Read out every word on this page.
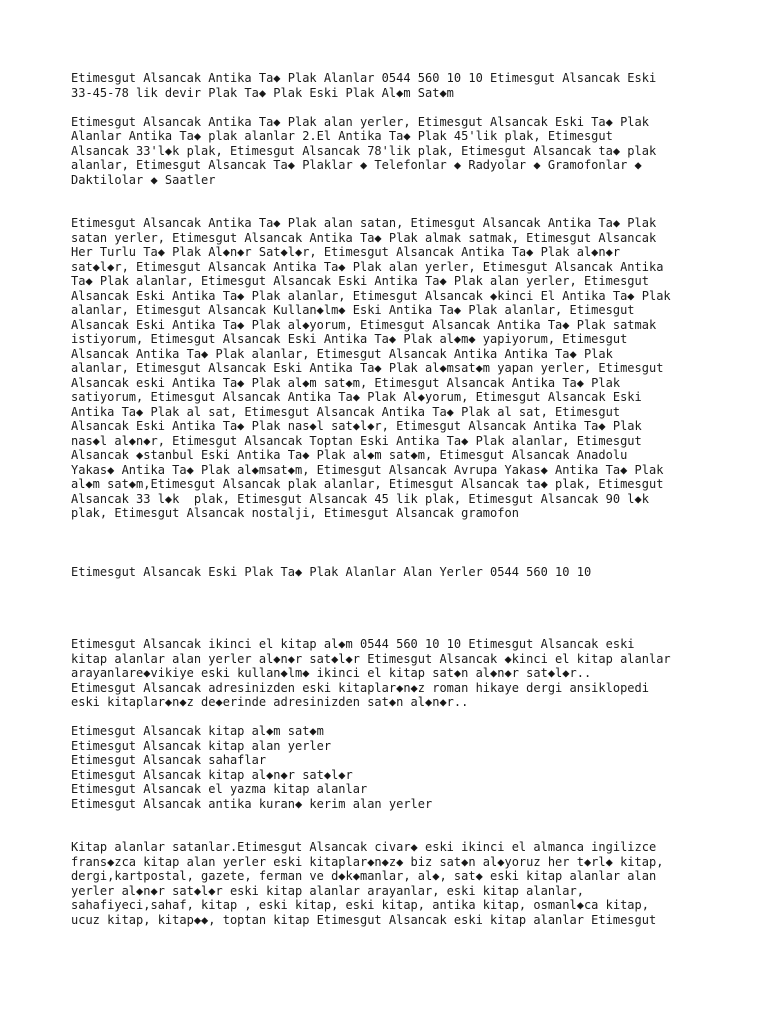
Etimesgut Alsancak Antika Ta◆ Plak Alanlar 0544 560 10 10 Etimesgut Alsancak Eski
33-45-78 lik devir Plak Ta◆ Plak Eski Plak Al◆m Sat◆m
Etimesgut Alsancak Antika Ta◆ Plak alan yerler, Etimesgut Alsancak Eski Ta◆ Plak
Alanlar Antika Ta◆ plak alanlar 2.El Antika Ta◆ Plak 45'lik plak, Etimesgut
Alsancak 33'l◆k plak, Etimesgut Alsancak 78'lik plak, Etimesgut Alsancak ta◆ plak
alanlar, Etimesgut Alsancak Ta◆ Plaklar ◆ Telefonlar ◆ Radyolar ◆ Gramofonlar ◆
Daktilolar ◆ Saatler
Etimesgut Alsancak Antika Ta◆ Plak alan satan, Etimesgut Alsancak Antika Ta◆ Plak
satan yerler, Etimesgut Alsancak Antika Ta◆ Plak almak satmak, Etimesgut Alsancak
Her Turlu Ta◆ Plak Al◆n◆r Sat◆l◆r, Etimesgut Alsancak Antika Ta◆ Plak al◆n◆r
sat◆l◆r, Etimesgut Alsancak Antika Ta◆ Plak alan yerler, Etimesgut Alsancak Antika
Ta◆ Plak alanlar, Etimesgut Alsancak Eski Antika Ta◆ Plak alan yerler, Etimesgut
Alsancak Eski Antika Ta◆ Plak alanlar, Etimesgut Alsancak ◆kinci El Antika Ta◆ Plak
alanlar, Etimesgut Alsancak Kullan◆lm◆ Eski Antika Ta◆ Plak alanlar, Etimesgut
Alsancak Eski Antika Ta◆ Plak al◆yorum, Etimesgut Alsancak Antika Ta◆ Plak satmak
istiyorum, Etimesgut Alsancak Eski Antika Ta◆ Plak al◆m◆ yapiyorum, Etimesgut
Alsancak Antika Ta◆ Plak alanlar, Etimesgut Alsancak Antika Antika Ta◆ Plak
alanlar, Etimesgut Alsancak Eski Antika Ta◆ Plak al◆msat◆m yapan yerler, Etimesgut
Alsancak eski Antika Ta◆ Plak al◆m sat◆m, Etimesgut Alsancak Antika Ta◆ Plak
satiyorum, Etimesgut Alsancak Antika Ta◆ Plak Al◆yorum, Etimesgut Alsancak Eski
Antika Ta◆ Plak al sat, Etimesgut Alsancak Antika Ta◆ Plak al sat, Etimesgut
Alsancak Eski Antika Ta◆ Plak nas◆l sat◆l◆r, Etimesgut Alsancak Antika Ta◆ Plak
nas◆l al◆n◆r, Etimesgut Alsancak Toptan Eski Antika Ta◆ Plak alanlar, Etimesgut
Alsancak ◆stanbul Eski Antika Ta◆ Plak al◆m sat◆m, Etimesgut Alsancak Anadolu
Yakas◆ Antika Ta◆ Plak al◆msat◆m, Etimesgut Alsancak Avrupa Yakas◆ Antika Ta◆ Plak
al◆m sat◆m,Etimesgut Alsancak plak alanlar, Etimesgut Alsancak ta◆ plak, Etimesgut
Alsancak 33 l◆k  plak, Etimesgut Alsancak 45 lik plak, Etimesgut Alsancak 90 l◆k
plak, Etimesgut Alsancak nostalji, Etimesgut Alsancak gramofon
Etimesgut Alsancak Eski Plak Ta◆ Plak Alanlar Alan Yerler 0544 560 10 10
Etimesgut Alsancak ikinci el kitap al◆m 0544 560 10 10 Etimesgut Alsancak eski
kitap alanlar alan yerler al◆n◆r sat◆l◆r Etimesgut Alsancak ◆kinci el kitap alanlar
arayanlare◆vikiye eski kullan◆lm◆ ikinci el kitap sat◆n al◆n◆r sat◆l◆r..
Etimesgut Alsancak adresinizden eski kitaplar◆n◆z roman hikaye dergi ansiklopedi
eski kitaplar◆n◆z de◆erinde adresinizden sat◆n al◆n◆r..
Etimesgut Alsancak kitap al◆m sat◆m
Etimesgut Alsancak kitap alan yerler
Etimesgut Alsancak sahaflar
Etimesgut Alsancak kitap al◆n◆r sat◆l◆r
Etimesgut Alsancak el yazma kitap alanlar
Etimesgut Alsancak antika kuran◆ kerim alan yerler
Kitap alanlar satanlar.Etimesgut Alsancak civar◆ eski ikinci el almanca ingilizce
frans◆zca kitap alan yerler eski kitaplar◆n◆z◆ biz sat◆n al◆yoruz her t◆rl◆ kitap,
dergi,kartpostal, gazete, ferman ve d◆k◆manlar, al◆, sat◆ eski kitap alanlar alan
yerler al◆n◆r sat◆l◆r eski kitap alanlar arayanlar, eski kitap alanlar,
sahafiyeci,sahaf, kitap , eski kitap, eski kitap, antika kitap, osmanl◆ca kitap,
ucuz kitap, kitap◆◆, toptan kitap Etimesgut Alsancak eski kitap alanlar Etimesgut
